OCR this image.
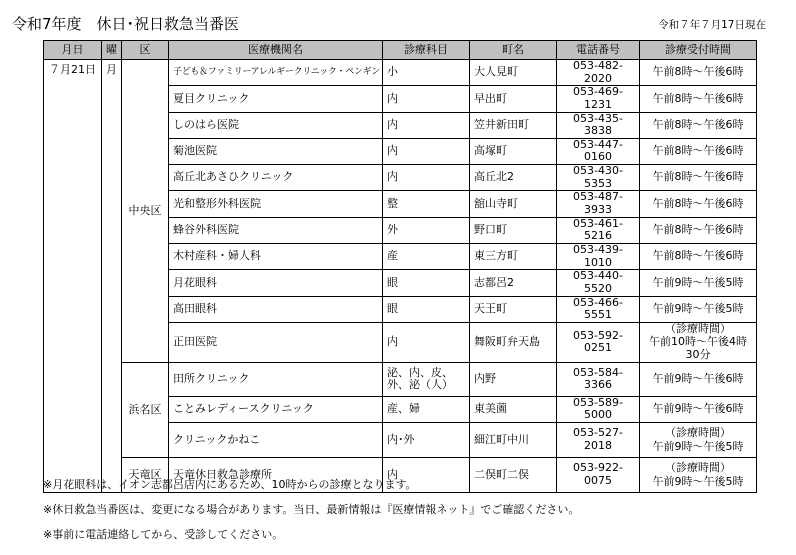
令和7年度　休日･祝日救急当番医	令和７年７月17日現在
月日	曜	区	医療機関名	診療科目	町名	電話番号	診療受付時間
７月21日	月	中央区	子ども＆ファミリーアレルギークリニック・ペンギン	小	大人見町	053-482-2020	午前8時～午後6時
			夏目クリニック	内	早出町	053-469-1231	午前8時～午後6時
			しのはら医院	内	笠井新田町	053-435-3838	午前8時～午後6時
			菊池医院	内	高塚町	053-447-0160	午前8時～午後6時
			高丘北あさひクリニック	内	高丘北2	053-430-5353	午前8時～午後6時
			光和整形外科医院	整	舘山寺町	053-487-3933	午前8時～午後6時
			蜂谷外科医院	外	野口町	053-461-5216	午前8時～午後6時
			木村産科・婦人科	産	東三方町	053-439-1010	午前8時～午後6時
			月花眼科	眼	志都呂2	053-440-5520	午前9時～午後5時
			高田眼科	眼	天王町	053-466-5551	午前9時～午後5時
			正田医院	内	舞阪町弁天島	053-592-0251	（診療時間）
午前10時～午後4時30分
		浜名区	田所クリニック	泌、内、皮、外、泌（人）	内野	053-584-3366	午前9時～午後6時
			ことみレディースクリニック	産、婦	東美薗	053-589-5000	午前9時～午後6時
			クリニックかねこ	内･外	細江町中川	053-527-2018	（診療時間）
午前9時～午後5時
		天竜区	天竜休日救急診療所	内	二俣町二俣	053-922-0075	（診療時間）
午前9時～午後5時
※月花眼科は、イオン志都呂店内にあるため、10時からの診療となります。
※休日救急当番医は、変更になる場合があります。当日、最新情報は『医療情報ネット』でご確認ください。
※事前に電話連絡してから、受診してください。
